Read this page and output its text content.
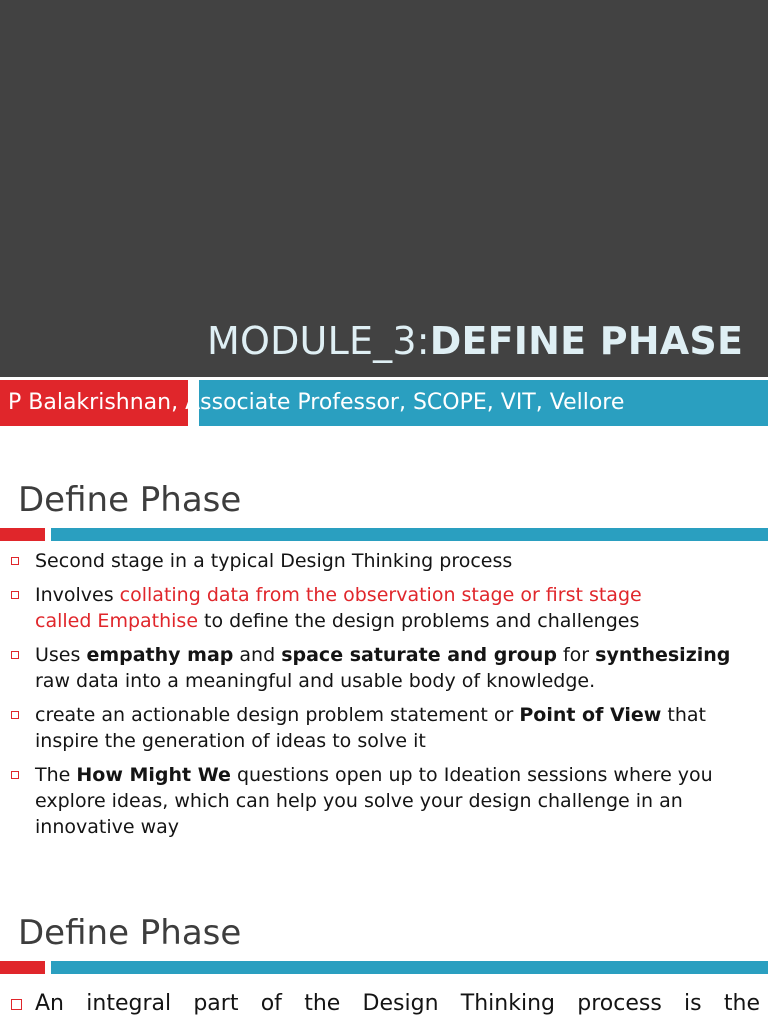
MODULE_3:DEFINE PHASE
P Balakrishnan, Associate Professor, SCOPE, VIT, Vellore
Define Phase
Second stage in a typical Design Thinking process
Involves collating data from the observation stage or first stage
called Empathise to define the design problems and challenges
Uses empathy map and space saturate and group for synthesizing
raw data into a meaningful and usable body of knowledge.
create an actionable design problem statement or Point of View that
inspire the generation of ideas to solve it
The How Might We questions open up to Ideation sessions where you
explore ideas, which can help you solve your design challenge in an
innovative way
Define Phase
An integral part of the Design Thinking process is the
